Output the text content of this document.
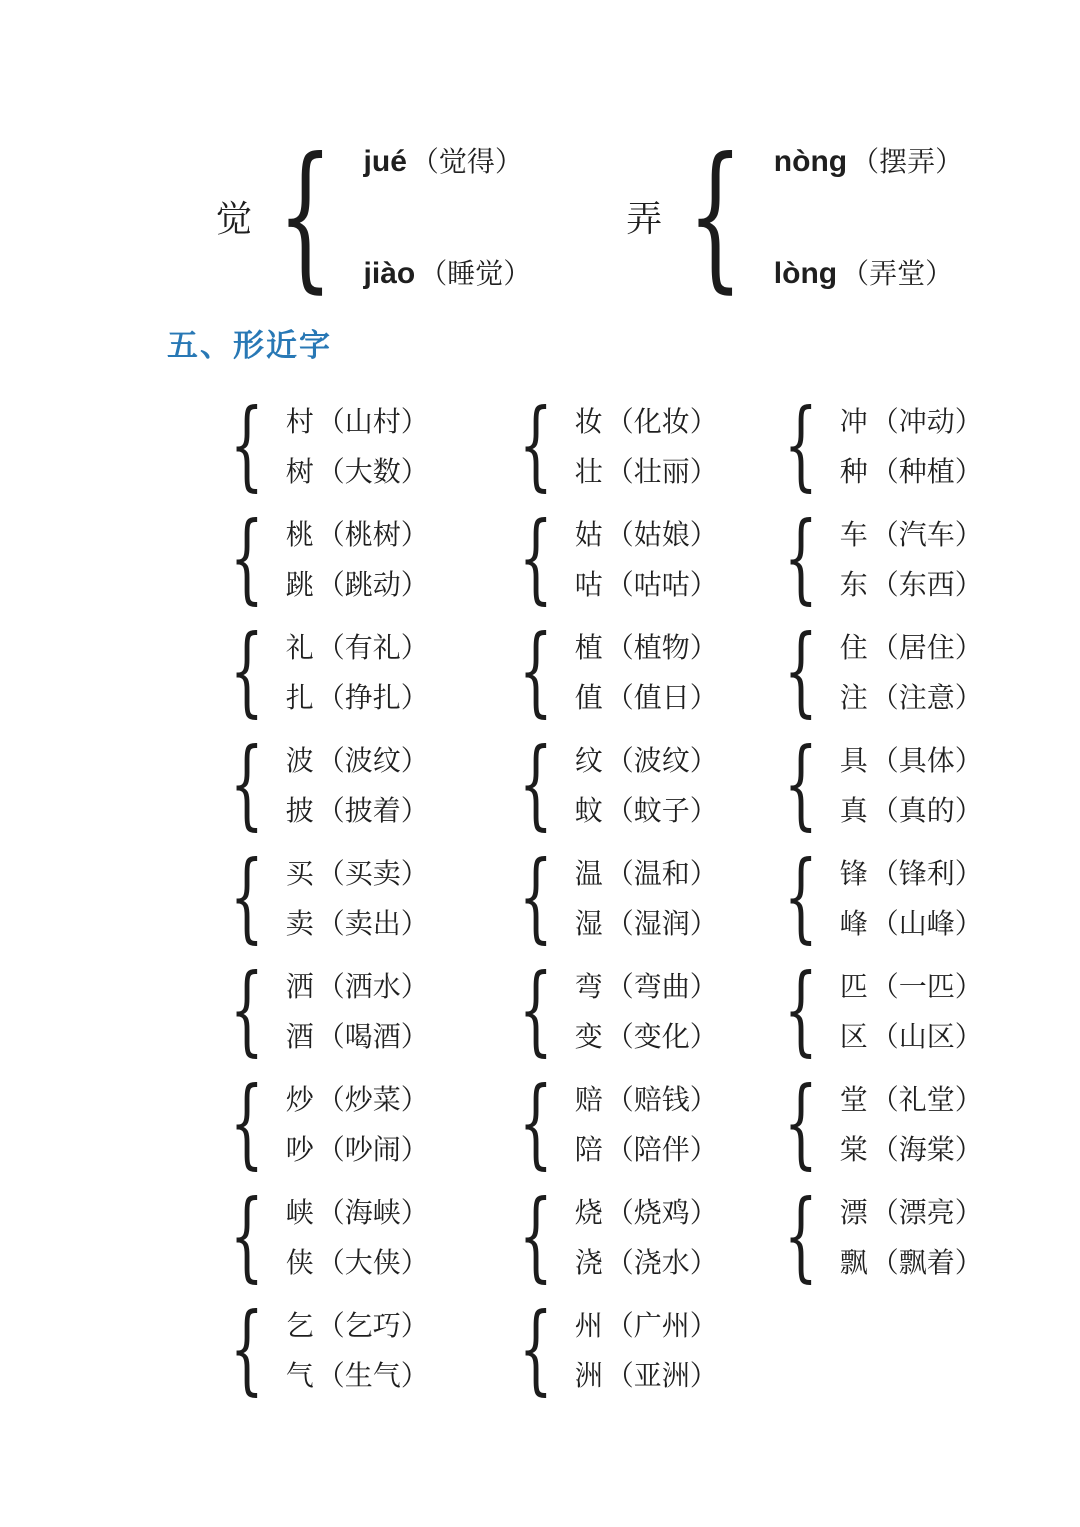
觉 { jué （觉得）
jiào （睡觉）
弄 { nòng （摆弄）
lòng （弄堂）
五、形近字
{ 村 （山村）
树 （大数） { 妆 （化妆）
壮 （壮丽） { 冲 （冲动）
种 （种植）
{ 桃 （桃树）
跳 （跳动） { 姑 （姑娘）
咕 （咕咕） { 车 （汽车）
东 （东西）
{ 礼 （有礼）
扎 （挣扎） { 植 （植物）
值 （值日） { 住 （居住）
注 （注意）
{ 波 （波纹）
披 （披着） { 纹 （波纹）
蚊 （蚊子） { 具 （具体）
真 （真的）
{ 买 （买卖）
卖 （卖出） { 温 （温和）
湿 （湿润） { 锋 （锋利）
峰 （山峰）
{ 洒 （洒水）
酒 （喝酒） { 弯 （弯曲）
变 （变化） { 匹 （一匹）
区 （山区）
{ 炒 （炒菜）
吵 （吵闹） { 赔 （赔钱）
陪 （陪伴） { 堂 （礼堂）
棠 （海棠）
{ 峡 （海峡）
侠 （大侠） { 烧 （烧鸡）
浇 （浇水） { 漂 （漂亮）
飘 （飘着）
{ 乞 （乞巧）
气 （生气） { 州 （广州）
洲 （亚洲）
